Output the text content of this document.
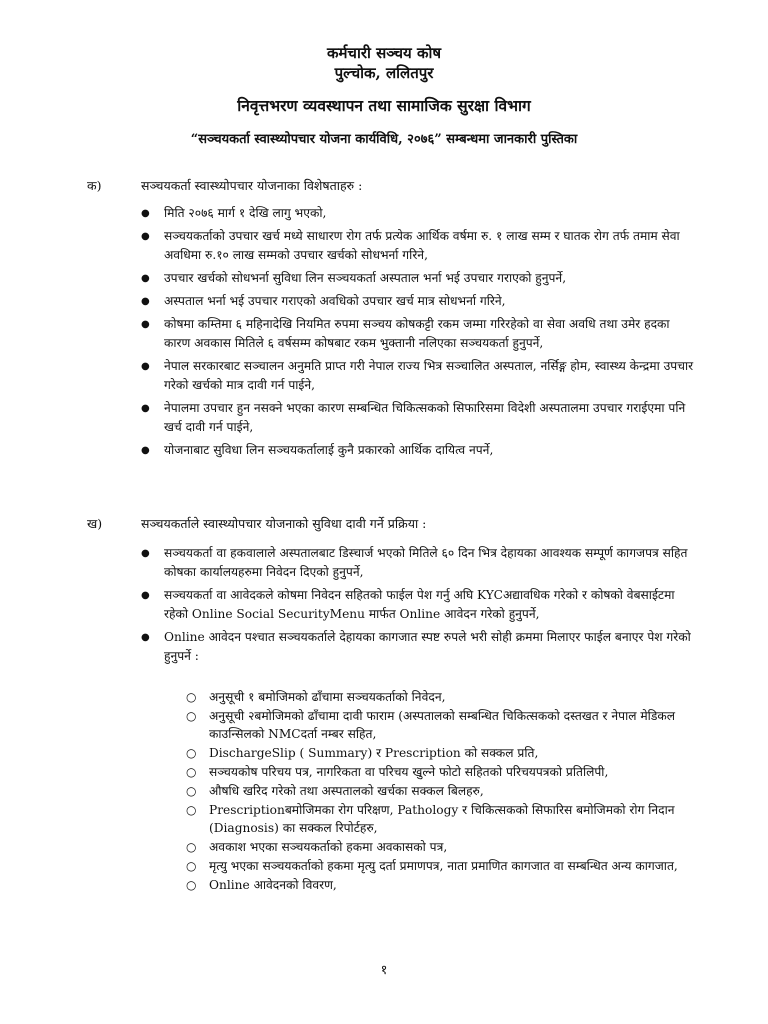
कर्मचारी सञ्चय कोष
पुल्चोक, ललितपुर
निवृत्तभरण व्यवस्थापन तथा सामाजिक सुरक्षा विभाग
“सञ्चयकर्ता स्वास्थ्योपचार योजना कार्यविधि, २०७६” सम्बन्धमा जानकारी पुस्तिका
क)	सञ्चयकर्ता स्वास्थ्योपचार योजनाका विशेषताहरु :
● मिति २०७६ मार्ग १ देखि लागु भएको,
● सञ्चयकर्ताको उपचार खर्च मध्ये साधारण रोग तर्फ प्रत्येक आर्थिक वर्षमा रु. १ लाख सम्म र घातक रोग तर्फ तमाम सेवा अवधिमा रु.१० लाख सम्मको उपचार खर्चको सोधभर्ना गरिने,
● उपचार खर्चको सोधभर्ना सुविधा लिन सञ्चयकर्ता अस्पताल भर्ना भई उपचार गराएको हुनुपर्ने,
● अस्पताल भर्ना भई उपचार गराएको अवधिको उपचार खर्च मात्र सोधभर्ना गरिने,
● कोषमा कम्तिमा ६ महिनादेखि नियमित रुपमा सञ्चय कोषकट्टी रकम जम्मा गरिरहेको वा सेवा अवधि तथा उमेर हदका कारण अवकास मितिले ६ वर्षसम्म कोषबाट रकम भुक्तानी नलिएका सञ्चयकर्ता हुनुपर्ने,
● नेपाल सरकारबाट सञ्चालन अनुमति प्राप्त गरी नेपाल राज्य भित्र सञ्चालित अस्पताल, नर्सिङ्ग होम, स्वास्थ्य केन्द्रमा उपचार गरेको खर्चको मात्र दावी गर्न पाईने,
● नेपालमा उपचार हुन नसक्ने भएका कारण सम्बन्धित चिकित्सकको सिफारिसमा विदेशी अस्पतालमा उपचार गराईएमा पनि खर्च दावी गर्न पाईने,
● योजनाबाट सुविधा लिन सञ्चयकर्तालाई कुनै प्रकारको आर्थिक दायित्व नपर्ने,
ख)	सञ्चयकर्ताले स्वास्थ्योपचार योजनाको सुविधा दावी गर्ने प्रक्रिया :
● सञ्चयकर्ता वा हकवालाले अस्पतालबाट डिस्चार्ज भएको मितिले ६० दिन भित्र देहायका आवश्यक सम्पूर्ण कागजपत्र सहित कोषका कार्यालयहरुमा निवेदन दिएको हुनुपर्ने,
● सञ्चयकर्ता वा आवेदकले कोषमा निवेदन सहितको फाईल पेश गर्नु अघि KYCअद्यावधिक गरेको र कोषको वेबसाईटमा रहेको Online Social SecurityMenu मार्फत Online आवेदन गरेको हुनुपर्ने,
● Online आवेदन पश्चात सञ्चयकर्ताले देहायका कागजात स्पष्ट रुपले भरी सोही क्रममा मिलाएर फाईल बनाएर पेश गरेको हुनुपर्ने :
○ अनुसूची १ बमोजिमको ढाँचामा सञ्चयकर्ताको निवेदन,
○ अनुसूची २बमोजिमको ढाँचामा दावी फाराम (अस्पतालको सम्बन्धित चिकित्सकको दस्तखत र नेपाल मेडिकल काउन्सिलको NMCदर्ता नम्बर सहित,
○ DischargeSlip ( Summary) र Prescription को सक्कल प्रति,
○ सञ्चयकोष परिचय पत्र, नागरिकता वा परिचय खुल्ने फोटो सहितको परिचयपत्रको प्रतिलिपी,
○ औषधि खरिद गरेको तथा अस्पतालको खर्चका सक्कल बिलहरु,
○ Prescriptionबमोजिमका रोग परिक्षण, Pathology र चिकित्सकको सिफारिस बमोजिमको रोग निदान (Diagnosis) का सक्कल रिपोर्टहरु,
○ अवकाश भएका सञ्चयकर्ताको हकमा अवकासको पत्र,
○ मृत्यु भएका सञ्चयकर्ताको हकमा मृत्यु दर्ता प्रमाणपत्र, नाता प्रमाणित कागजात वा सम्बन्धित अन्य कागजात,
○ Online आवेदनको विवरण,
१
